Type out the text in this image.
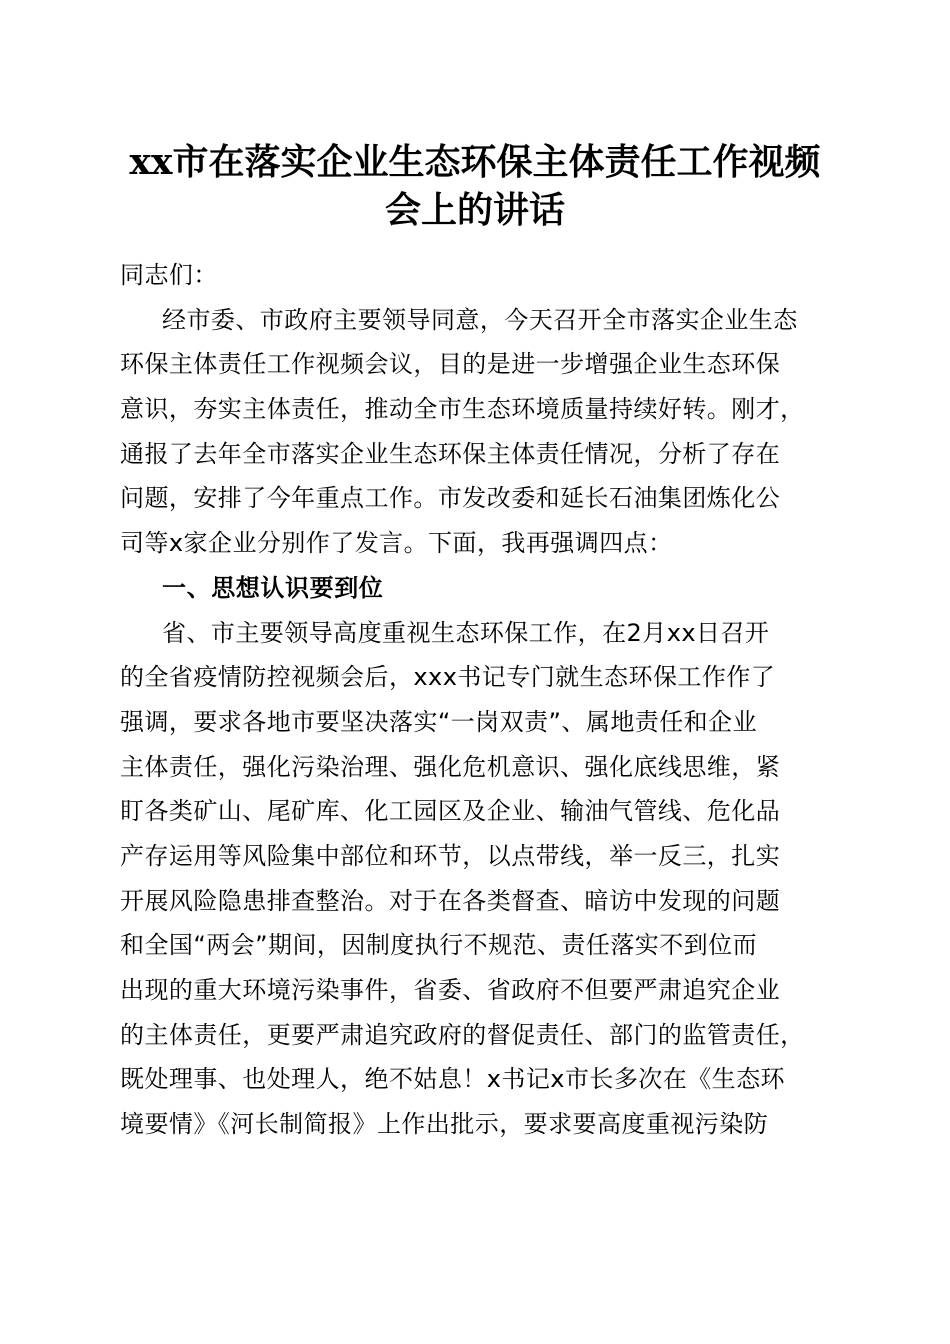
xx市在落实企业生态环保主体责任工作视频
会上的讲话
同志们：
经市委、市政府主要领导同意，今天召开全市落实企业生态
环保主体责任工作视频会议，目的是进一步增强企业生态环保
意识，夯实主体责任，推动全市生态环境质量持续好转。刚才，
通报了去年全市落实企业生态环保主体责任情况，分析了存在
问题，安排了今年重点工作。市发改委和延长石油集团炼化公
司等x家企业分别作了发言。下面，我再强调四点：
一、思想认识要到位
省、市主要领导高度重视生态环保工作，在2月xx日召开
的全省疫情防控视频会后，xxx书记专门就生态环保工作作了
强调，要求各地市要坚决落实“一岗双责”、属地责任和企业
主体责任，强化污染治理、强化危机意识、强化底线思维，紧
盯各类矿山、尾矿库、化工园区及企业、输油气管线、危化品
产存运用等风险集中部位和环节，以点带线，举一反三，扎实
开展风险隐患排查整治。对于在各类督查、暗访中发现的问题
和全国“两会”期间，因制度执行不规范、责任落实不到位而
出现的重大环境污染事件，省委、省政府不但要严肃追究企业
的主体责任，更要严肃追究政府的督促责任、部门的监管责任，
既处理事、也处理人，绝不姑息！x书记x市长多次在《生态环
境要情》《河长制简报》上作出批示，要求要高度重视污染防
